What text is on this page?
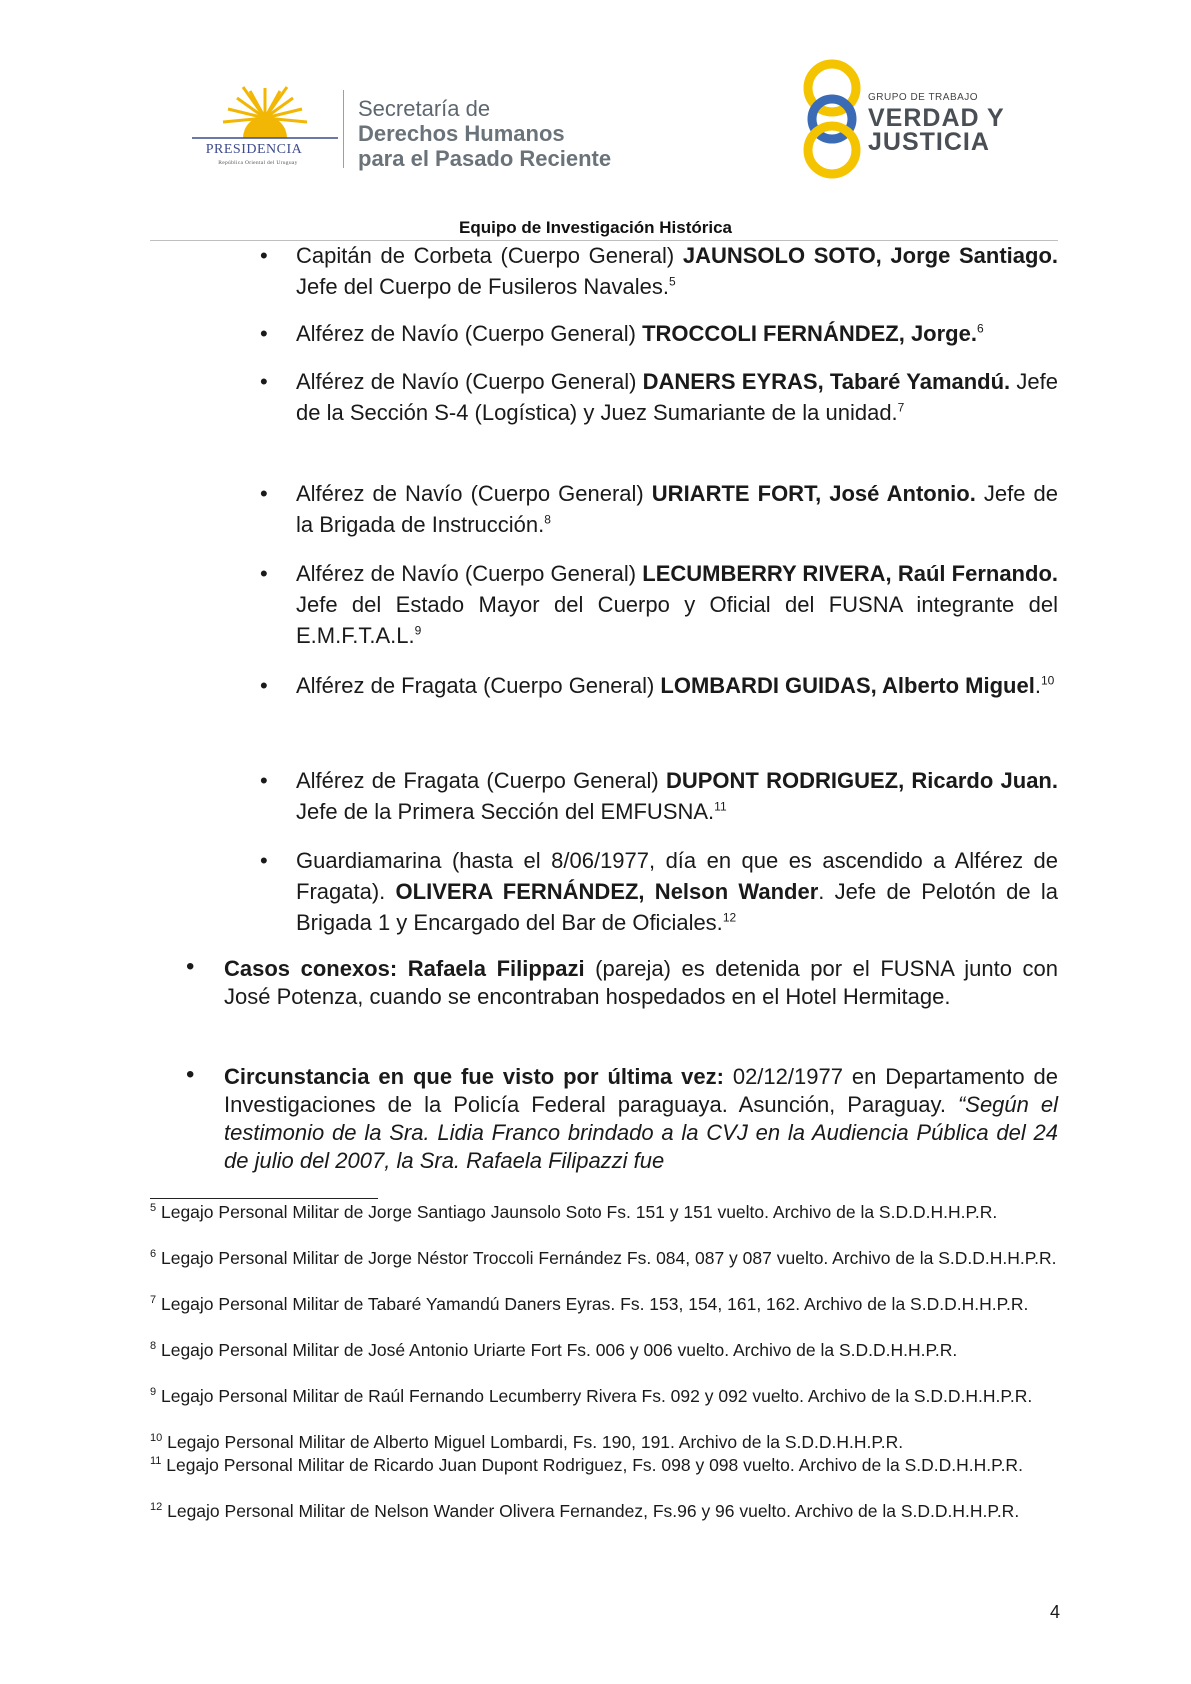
PRESIDENCIA
República Oriental del Uruguay
Secretaría de
Derechos Humanos
para el Pasado Reciente
GRUPO DE TRABAJO
VERDAD Y
JUSTICIA
Equipo de Investigación Histórica
• Capitán de Corbeta (Cuerpo General) JAUNSOLO SOTO, Jorge Santiago. Jefe del Cuerpo de Fusileros Navales.$^5$
• Alférez de Navío (Cuerpo General) TROCCOLI FERNÁNDEZ, Jorge.$^6$
• Alférez de Navío (Cuerpo General) DANERS EYRAS, Tabaré Yamandú. Jefe de la Sección S-4 (Logística) y Juez Sumariante de la unidad.$^7$
• Alférez de Navío (Cuerpo General) URIARTE FORT, José Antonio. Jefe de la Brigada de Instrucción.$^8$
• Alférez de Navío (Cuerpo General) LECUMBERRY RIVERA, Raúl Fernando. Jefe del Estado Mayor del Cuerpo y Oficial del FUSNA integrante del E.M.F.T.A.L.$^9$
• Alférez de Fragata (Cuerpo General) LOMBARDI GUIDAS, Alberto Miguel.$^{10}$
• Alférez de Fragata (Cuerpo General) DUPONT RODRIGUEZ, Ricardo Juan. Jefe de la Primera Sección del EMFUSNA.$^{11}$
• Guardiamarina (hasta el 8/06/1977, día en que es ascendido a Alférez de Fragata). OLIVERA FERNÁNDEZ, Nelson Wander. Jefe de Pelotón de la Brigada 1 y Encargado del Bar de Oficiales.$^{12}$
• Casos conexos: Rafaela Filippazi (pareja) es detenida por el FUSNA junto con José Potenza, cuando se encontraban hospedados en el Hotel Hermitage.
• Circunstancia en que fue visto por última vez: 02/12/1977 en Departamento de Investigaciones de la Policía Federal paraguaya. Asunción, Paraguay. “Según el testimonio de la Sra. Lidia Franco brindado a la CVJ en la Audiencia Pública del 24 de julio del 2007, la Sra. Rafaela Filipazzi fue
$^5$ Legajo Personal Militar de Jorge Santiago Jaunsolo Soto Fs. 151 y 151 vuelto. Archivo de la S.D.D.H.H.P.R.
$^6$ Legajo Personal Militar de Jorge Néstor Troccoli Fernández Fs. 084, 087 y 087 vuelto. Archivo de la S.D.D.H.H.P.R.
$^7$ Legajo Personal Militar de Tabaré Yamandú Daners Eyras. Fs. 153, 154, 161, 162. Archivo de la S.D.D.H.H.P.R.
$^8$ Legajo Personal Militar de José Antonio Uriarte Fort Fs. 006 y 006 vuelto. Archivo de la S.D.D.H.H.P.R.
$^9$ Legajo Personal Militar de Raúl Fernando Lecumberry Rivera Fs. 092 y 092 vuelto. Archivo de la S.D.D.H.H.P.R.
$^{10}$ Legajo Personal Militar de Alberto Miguel Lombardi, Fs. 190, 191. Archivo de la S.D.D.H.H.P.R.
$^{11}$ Legajo Personal Militar de Ricardo Juan Dupont Rodriguez, Fs. 098 y 098 vuelto. Archivo de la S.D.D.H.H.P.R.
$^{12}$ Legajo Personal Militar de Nelson Wander Olivera Fernandez, Fs.96 y 96 vuelto. Archivo de la S.D.D.H.H.P.R.
4
